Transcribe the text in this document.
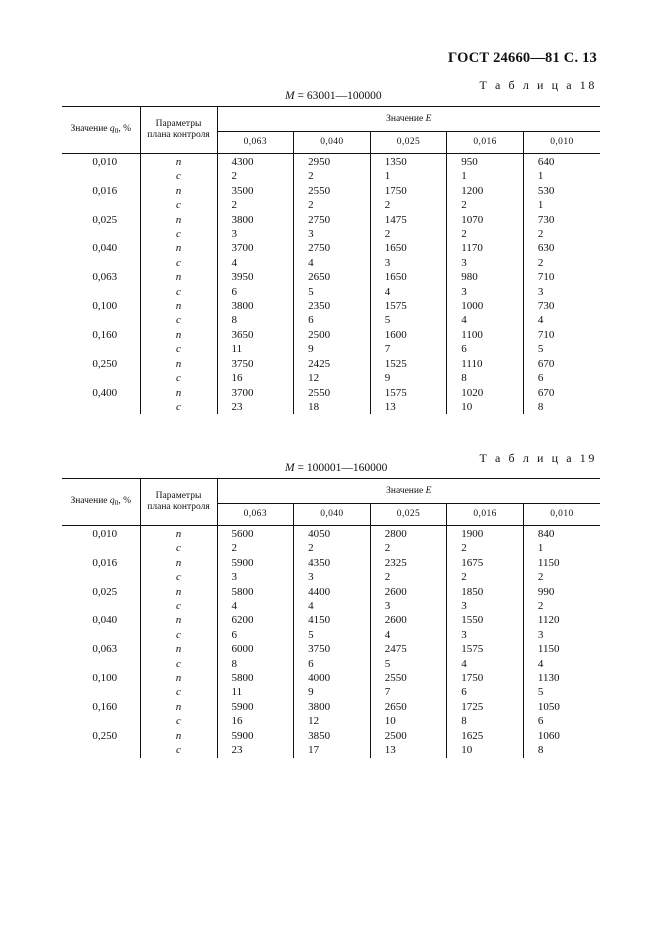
ГОСТ 24660—81 С. 13
Т а б л и ц а 18
M = 63001—100000
Значение $q_0$, %	Параметры
плана контроля	Значение E				
		0,063	0,040	0,025	0,016	0,010
0,010	n	4300	2950	1350	950	640
	c	2	2	1	1	1
0,016	n	3500	2550	1750	1200	530
	c	2	2	2	2	1
0,025	n	3800	2750	1475	1070	730
	c	3	3	2	2	2
0,040	n	3700	2750	1650	1170	630
	c	4	4	3	3	2
0,063	n	3950	2650	1650	980	710
	c	6	5	4	3	3
0,100	n	3800	2350	1575	1000	730
	c	8	6	5	4	4
0,160	n	3650	2500	1600	1100	710
	c	11	9	7	6	5
0,250	n	3750	2425	1525	1110	670
	c	16	12	9	8	6
0,400	n	3700	2550	1575	1020	670
	c	23	18	13	10	8
Т а б л и ц а 19
M = 100001—160000
Значение $q_0$, %	Параметры
плана контроля	Значение E				
		0,063	0,040	0,025	0,016	0,010
0,010	n	5600	4050	2800	1900	840
	c	2	2	2	2	1
0,016	n	5900	4350	2325	1675	1150
	c	3	3	2	2	2
0,025	n	5800	4400	2600	1850	990
	c	4	4	3	3	2
0,040	n	6200	4150	2600	1550	1120
	c	6	5	4	3	3
0,063	n	6000	3750	2475	1575	1150
	c	8	6	5	4	4
0,100	n	5800	4000	2550	1750	1130
	c	11	9	7	6	5
0,160	n	5900	3800	2650	1725	1050
	c	16	12	10	8	6
0,250	n	5900	3850	2500	1625	1060
	c	23	17	13	10	8
